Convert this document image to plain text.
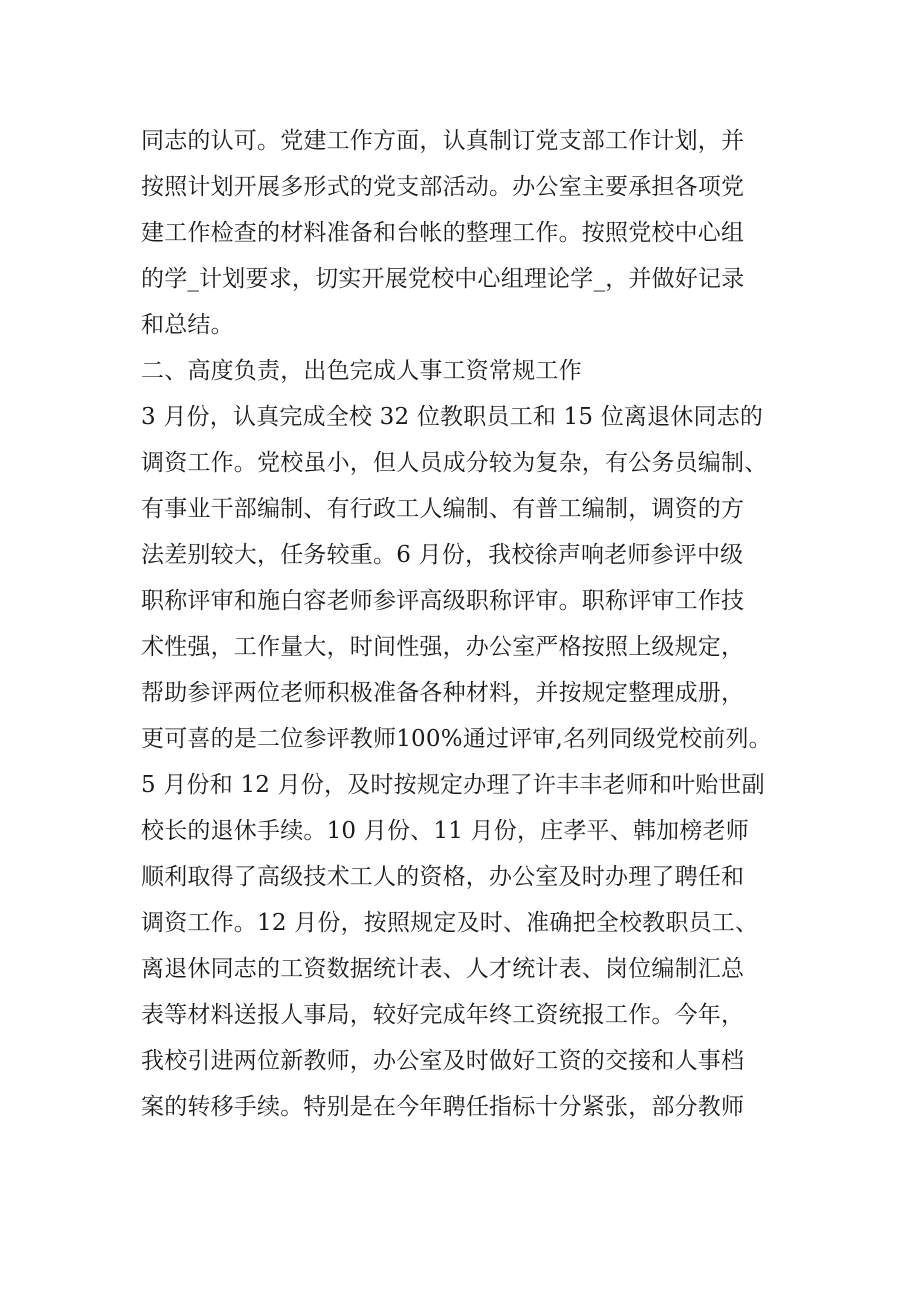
同志的认可。党建工作方面，认真制订党支部工作计划，并
按照计划开展多形式的党支部活动。办公室主要承担各项党
建工作检查的材料准备和台帐的整理工作。按照党校中心组
的学_计划要求，切实开展党校中心组理论学_，并做好记录
和总结。
二、高度负责，出色完成人事工资常规工作
3 月份，认真完成全校 32 位教职员工和 15 位离退休同志的
调资工作。党校虽小，但人员成分较为复杂，有公务员编制、
有事业干部编制、有行政工人编制、有普工编制，调资的方
法差别较大，任务较重。6 月份，我校徐声响老师参评中级
职称评审和施白容老师参评高级职称评审。职称评审工作技
术性强，工作量大，时间性强，办公室严格按照上级规定，
帮助参评两位老师积极准备各种材料，并按规定整理成册，
更可喜的是二位参评教师100%通过评审,名列同级党校前列。
5 月份和 12 月份，及时按规定办理了许丰丰老师和叶贻世副
校长的退休手续。10 月份、11 月份，庄孝平、韩加榜老师
顺利取得了高级技术工人的资格，办公室及时办理了聘任和
调资工作。12 月份，按照规定及时、准确把全校教职员工、
离退休同志的工资数据统计表、人才统计表、岗位编制汇总
表等材料送报人事局，较好完成年终工资统报工作。今年，
我校引进两位新教师，办公室及时做好工资的交接和人事档
案的转移手续。特别是在今年聘任指标十分紧张，部分教师
